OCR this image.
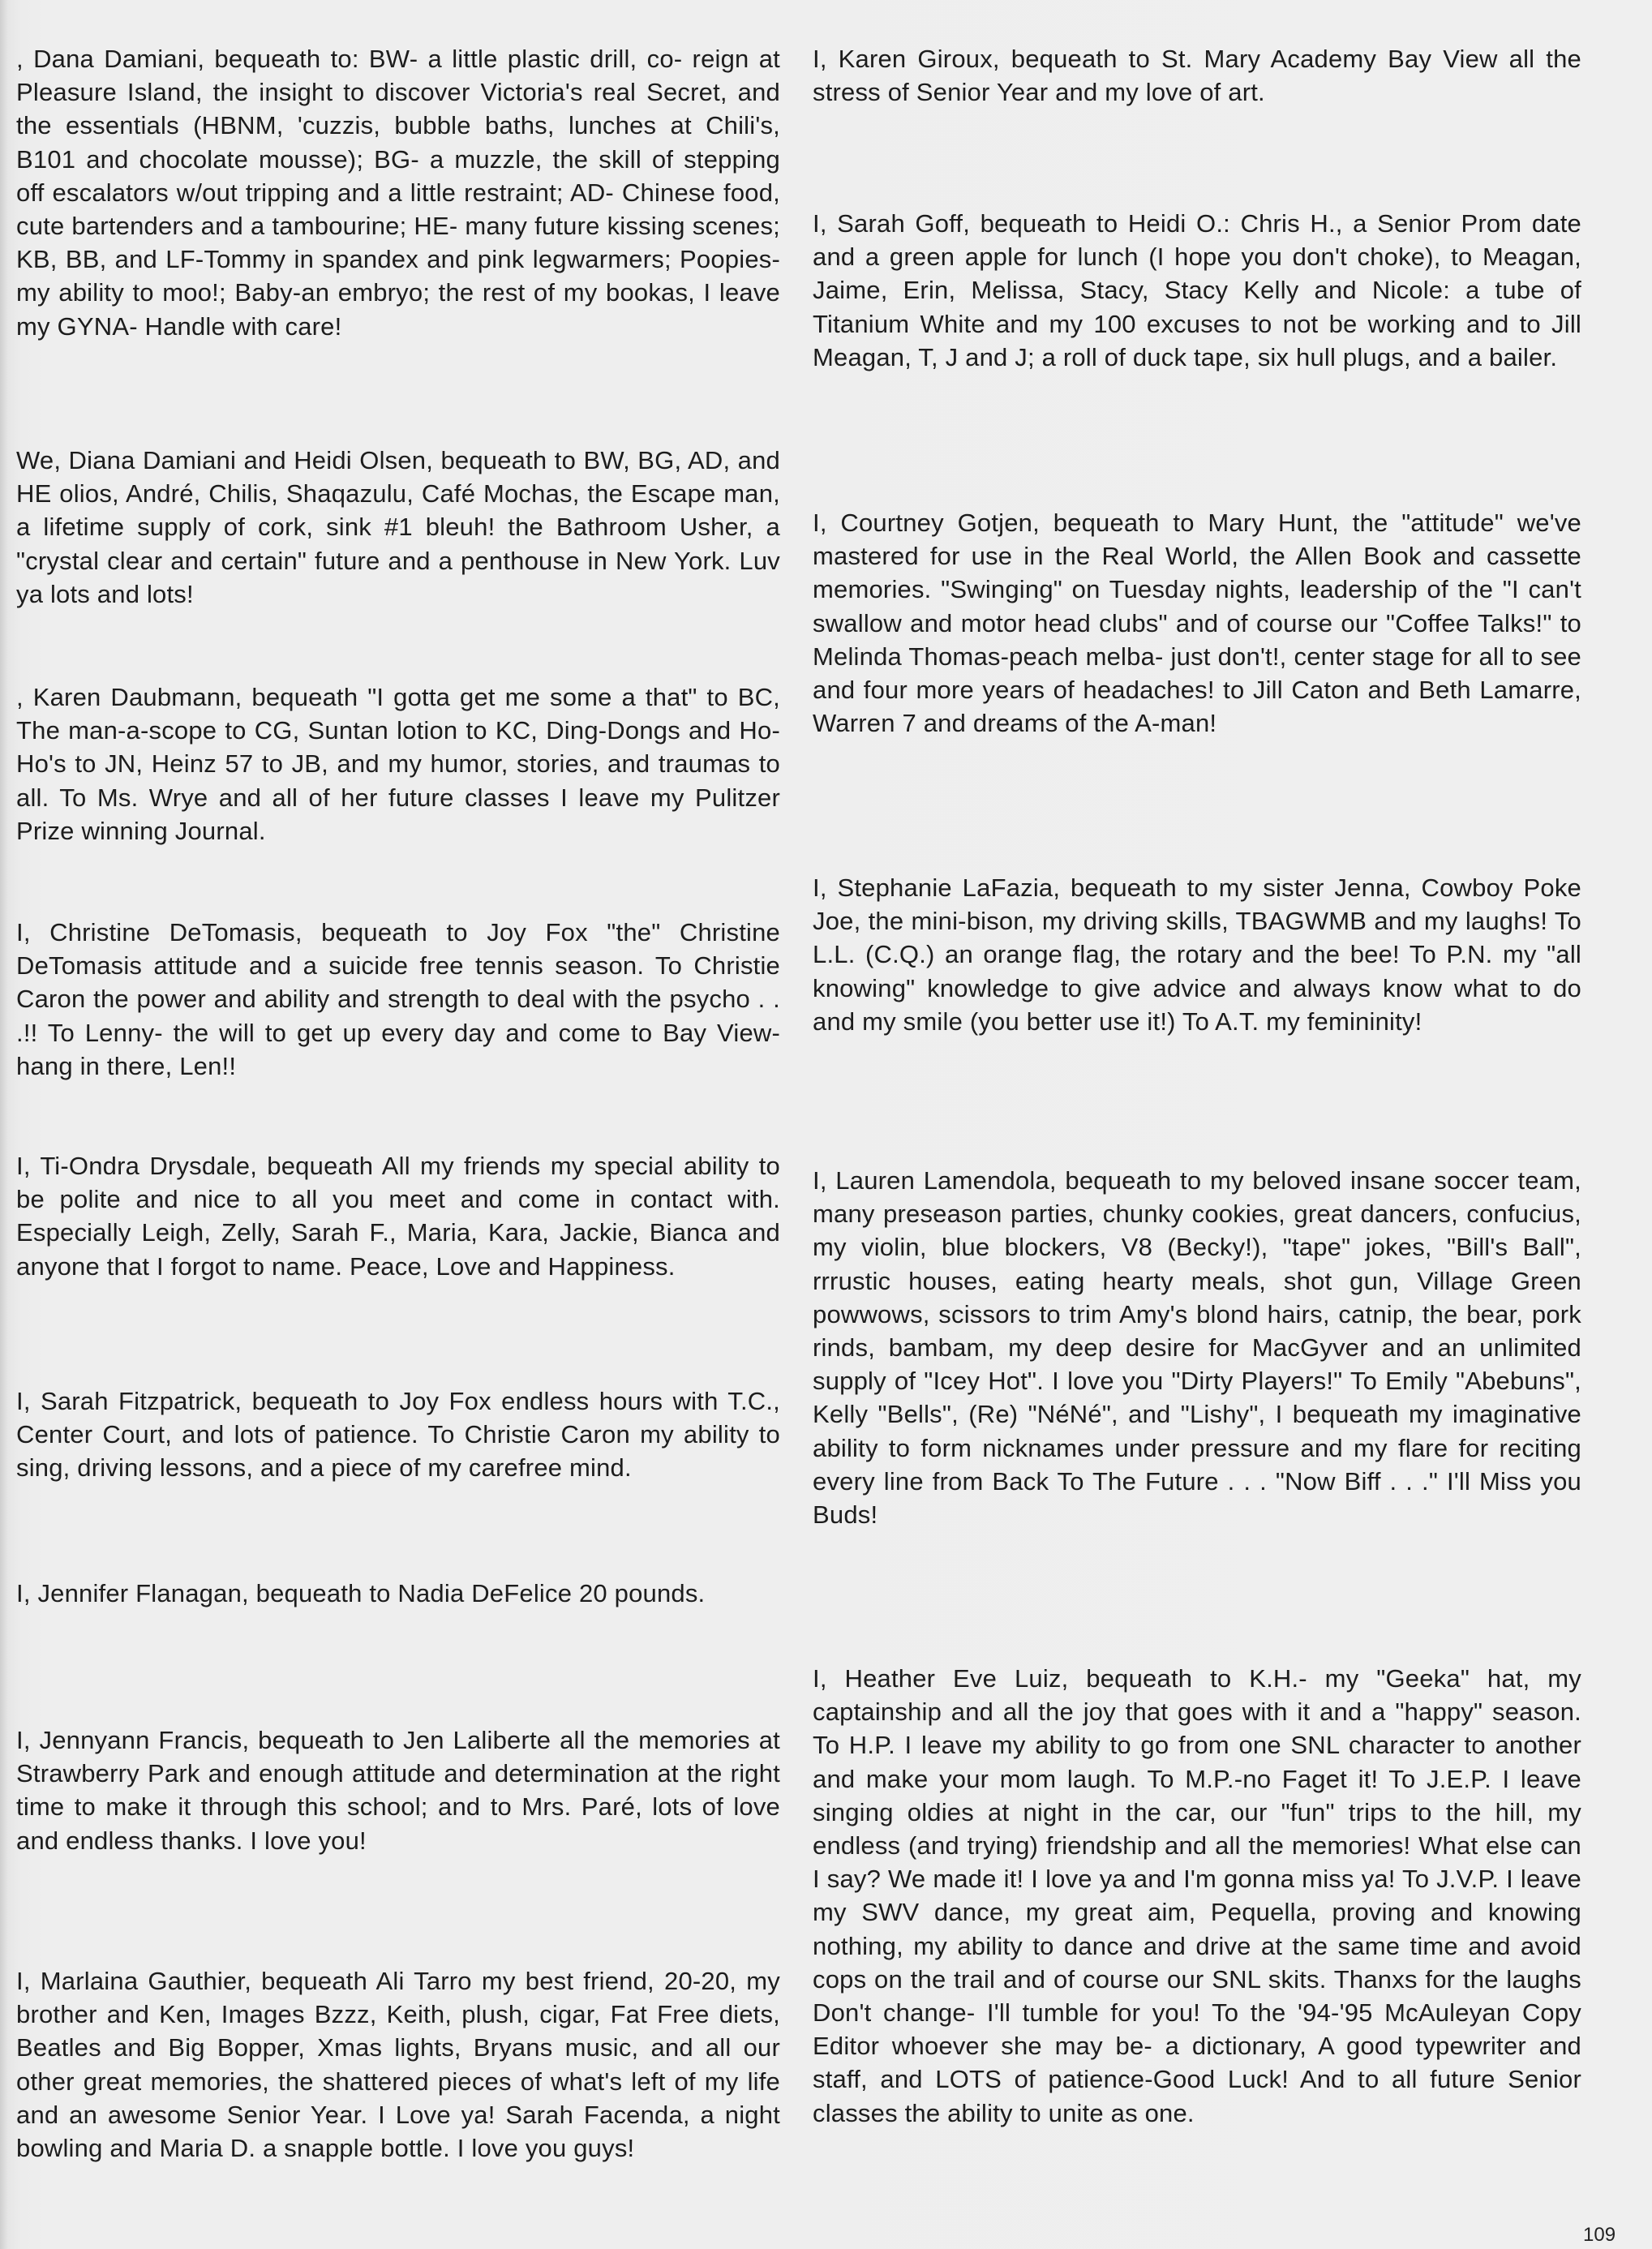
, Dana Damiani, bequeath to: BW- a little plastic drill, co- reign at Pleasure Island, the insight to discover Victoria's real Secret, and the essentials (HBNM, 'cuzzis, bubble baths, lunches at Chili's, B101 and chocolate mousse); BG- a muzzle, the skill of stepping off escalators w/out tripping and a little restraint; AD- Chinese food, cute bartenders and a tambourine; HE- many future kissing scenes; KB, BB, and LF-Tommy in spandex and pink legwarmers; Poopies- my ability to moo!; Baby-an embryo; the rest of my bookas, I leave my GYNA- Handle with care!

We, Diana Damiani and Heidi Olsen, bequeath to BW, BG, AD, and HE olios, André, Chilis, Shaqazulu, Café Mochas, the Escape man, a lifetime supply of cork, sink #1 bleuh! the Bathroom Usher, a "crystal clear and certain" future and a penthouse in New York. Luv ya lots and lots!

, Karen Daubmann, bequeath "I gotta get me some a that" to BC, The man-a-scope to CG, Suntan lotion to KC, Ding-Dongs and Ho-Ho's to JN, Heinz 57 to JB, and my humor, stories, and traumas to all. To Ms. Wrye and all of her future classes I leave my Pulitzer Prize winning Journal.

I, Christine DeTomasis, bequeath to Joy Fox "the" Christine DeTomasis attitude and a suicide free tennis season. To Christie Caron the power and ability and strength to deal with the psycho . . .!! To Lenny- the will to get up every day and come to Bay View-hang in there, Len!!

I, Ti-Ondra Drysdale, bequeath All my friends my special ability to be polite and nice to all you meet and come in contact with. Especially Leigh, Zelly, Sarah F., Maria, Kara, Jackie, Bianca and anyone that I forgot to name. Peace, Love and Happiness.

I, Sarah Fitzpatrick, bequeath to Joy Fox endless hours with T.C., Center Court, and lots of patience. To Christie Caron my ability to sing, driving lessons, and a piece of my carefree mind.

I, Jennifer Flanagan, bequeath to Nadia DeFelice 20 pounds.

I, Jennyann Francis, bequeath to Jen Laliberte all the memories at Strawberry Park and enough attitude and determination at the right time to make it through this school; and to Mrs. Paré, lots of love and endless thanks. I love you!

I, Marlaina Gauthier, bequeath Ali Tarro my best friend, 20-20, my brother and Ken, Images Bzzz, Keith, plush, cigar, Fat Free diets, Beatles and Big Bopper, Xmas lights, Bryans music, and all our other great memories, the shattered pieces of what's left of my life and an awesome Senior Year. I Love ya! Sarah Facenda, a night bowling and Maria D. a snapple bottle. I love you guys!

I, Karen Giroux, bequeath to St. Mary Academy Bay View all the stress of Senior Year and my love of art.

I, Sarah Goff, bequeath to Heidi O.: Chris H., a Senior Prom date and a green apple for lunch (I hope you don't choke), to Meagan, Jaime, Erin, Melissa, Stacy, Stacy Kelly and Nicole: a tube of Titanium White and my 100 excuses to not be working and to Jill Meagan, T, J and J; a roll of duck tape, six hull plugs, and a bailer.

I, Courtney Gotjen, bequeath to Mary Hunt, the "attitude" we've mastered for use in the Real World, the Allen Book and cassette memories. "Swinging" on Tuesday nights, leadership of the "I can't swallow and motor head clubs" and of course our "Coffee Talks!" to Melinda Thomas-peach melba- just don't!, center stage for all to see and four more years of headaches! to Jill Caton and Beth Lamarre, Warren 7 and dreams of the A-man!

I, Stephanie LaFazia, bequeath to my sister Jenna, Cowboy Poke Joe, the mini-bison, my driving skills, TBAGWMB and my laughs! To L.L. (C.Q.) an orange flag, the rotary and the bee! To P.N. my "all knowing" knowledge to give advice and always know what to do and my smile (you better use it!) To A.T. my femininity!

I, Lauren Lamendola, bequeath to my beloved insane soccer team, many preseason parties, chunky cookies, great dancers, confucius, my violin, blue blockers, V8 (Becky!), "tape" jokes, "Bill's Ball", rrrustic houses, eating hearty meals, shot gun, Village Green powwows, scissors to trim Amy's blond hairs, catnip, the bear, pork rinds, bambam, my deep desire for MacGyver and an unlimited supply of "Icey Hot". I love you "Dirty Players!" To Emily "Abebuns", Kelly "Bells", (Re) "NéNé", and "Lishy", I bequeath my imaginative ability to form nicknames under pressure and my flare for reciting every line from Back To The Future . . . "Now Biff . . ." I'll Miss you Buds!

I, Heather Eve Luiz, bequeath to K.H.- my "Geeka" hat, my captainship and all the joy that goes with it and a "happy" season. To H.P. I leave my ability to go from one SNL character to another and make your mom laugh. To M.P.-no Faget it! To J.E.P. I leave singing oldies at night in the car, our "fun" trips to the hill, my endless (and trying) friendship and all the memories! What else can I say? We made it! I love ya and I'm gonna miss ya! To J.V.P. I leave my SWV dance, my great aim, Pequella, proving and knowing nothing, my ability to dance and drive at the same time and avoid cops on the trail and of course our SNL skits. Thanxs for the laughs Don't change- I'll tumble for you! To the '94-'95 McAuleyan Copy Editor whoever she may be- a dictionary, A good typewriter and staff, and LOTS of patience-Good Luck! And to all future Senior classes the ability to unite as one.

109
